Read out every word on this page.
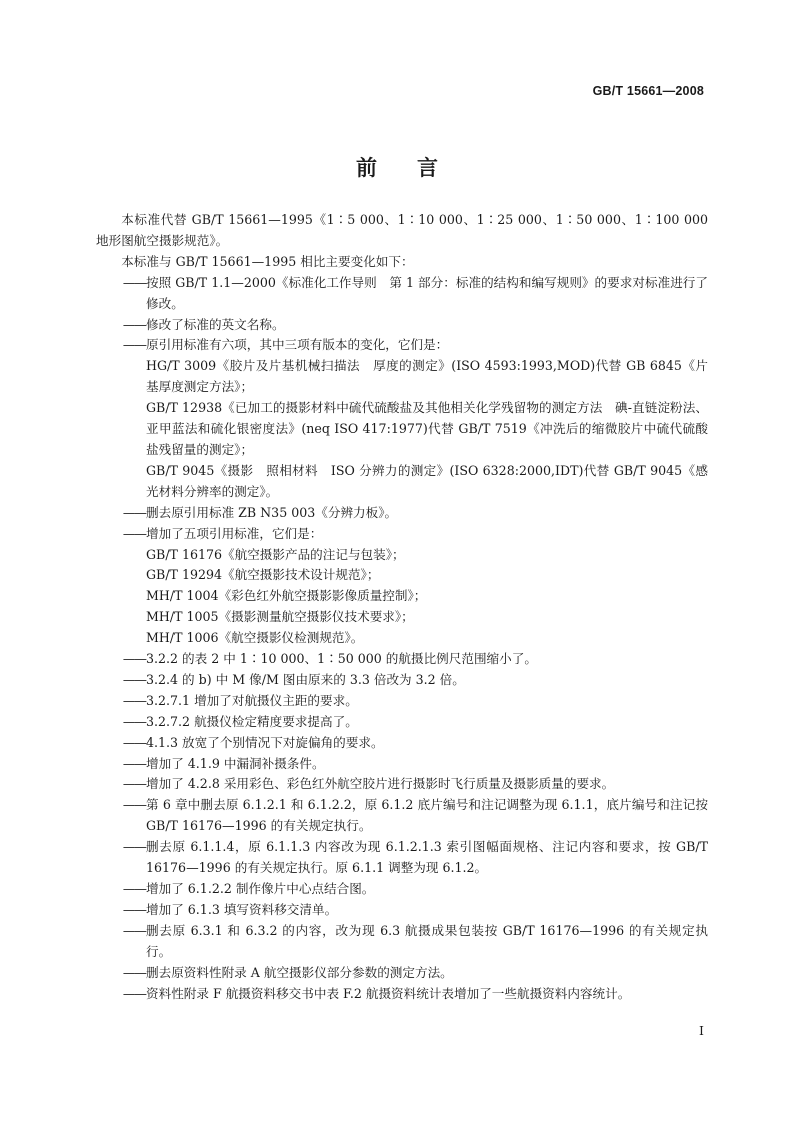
GB/T 15661—2008
前 言

本标准代替 GB/T 15661—1995《1∶5 000、1∶10 000、1∶25 000、1∶50 000、1∶100 000 地形图航空摄影规范》。

本标准与 GB/T 15661—1995 相比主要变化如下：

—— 按照 GB/T 1.1—2000《标准化工作导则　第 1 部分：标准的结构和编写规则》的要求对标准进行了修改。
—— 修改了标准的英文名称。
—— 原引用标准有六项，其中三项有版本的变化，它们是：

HG/T 3009《胶片及片基机械扫描法　厚度的测定》(ISO 4593:1993,MOD)代替 GB 6845《片基厚度测定方法》；

GB/T 12938《已加工的摄影材料中硫代硫酸盐及其他相关化学残留物的测定方法　碘-直链淀粉法、亚甲蓝法和硫化银密度法》(neq ISO 417:1977)代替 GB/T 7519《冲洗后的缩微胶片中硫代硫酸盐残留量的测定》；

GB/T 9045《摄影　照相材料　ISO 分辨力的测定》(ISO 6328:2000,IDT)代替 GB/T 9045《感光材料分辨率的测定》。

—— 删去原引用标准 ZB N35 003《分辨力板》。
—— 增加了五项引用标准，它们是：

GB/T 16176《航空摄影产品的注记与包装》；

GB/T 19294《航空摄影技术设计规范》；

MH/T 1004《彩色红外航空摄影影像质量控制》；

MH/T 1005《摄影测量航空摄影仪技术要求》；

MH/T 1006《航空摄影仪检测规范》。

—— 3.2.2 的表 2 中 1∶10 000、1∶50 000 的航摄比例尺范围缩小了。
—— 3.2.4 的 b) 中 M 像/M 图由原来的 3.3 倍改为 3.2 倍。
—— 3.2.7.1 增加了对航摄仪主距的要求。
—— 3.2.7.2 航摄仪检定精度要求提高了。
—— 4.1.3 放宽了个别情况下对旋偏角的要求。
—— 增加了 4.1.9 中漏洞补摄条件。
—— 增加了 4.2.8 采用彩色、彩色红外航空胶片进行摄影时飞行质量及摄影质量的要求。
—— 第 6 章中删去原 6.1.2.1 和 6.1.2.2，原 6.1.2 底片编号和注记调整为现 6.1.1，底片编号和注记按 GB/T 16176—1996 的有关规定执行。
—— 删去原 6.1.1.4，原 6.1.1.3 内容改为现 6.1.2.1.3 索引图幅面规格、注记内容和要求，按 GB/T 16176—1996 的有关规定执行。原 6.1.1 调整为现 6.1.2。
—— 增加了 6.1.2.2 制作像片中心点结合图。
—— 增加了 6.1.3 填写资料移交清单。
—— 删去原 6.3.1 和 6.3.2 的内容，改为现 6.3 航摄成果包装按 GB/T 16176—1996 的有关规定执行。
—— 删去原资料性附录 A 航空摄影仪部分参数的测定方法。
—— 资料性附录 F 航摄资料移交书中表 F.2 航摄资料统计表增加了一些航摄资料内容统计。
I
